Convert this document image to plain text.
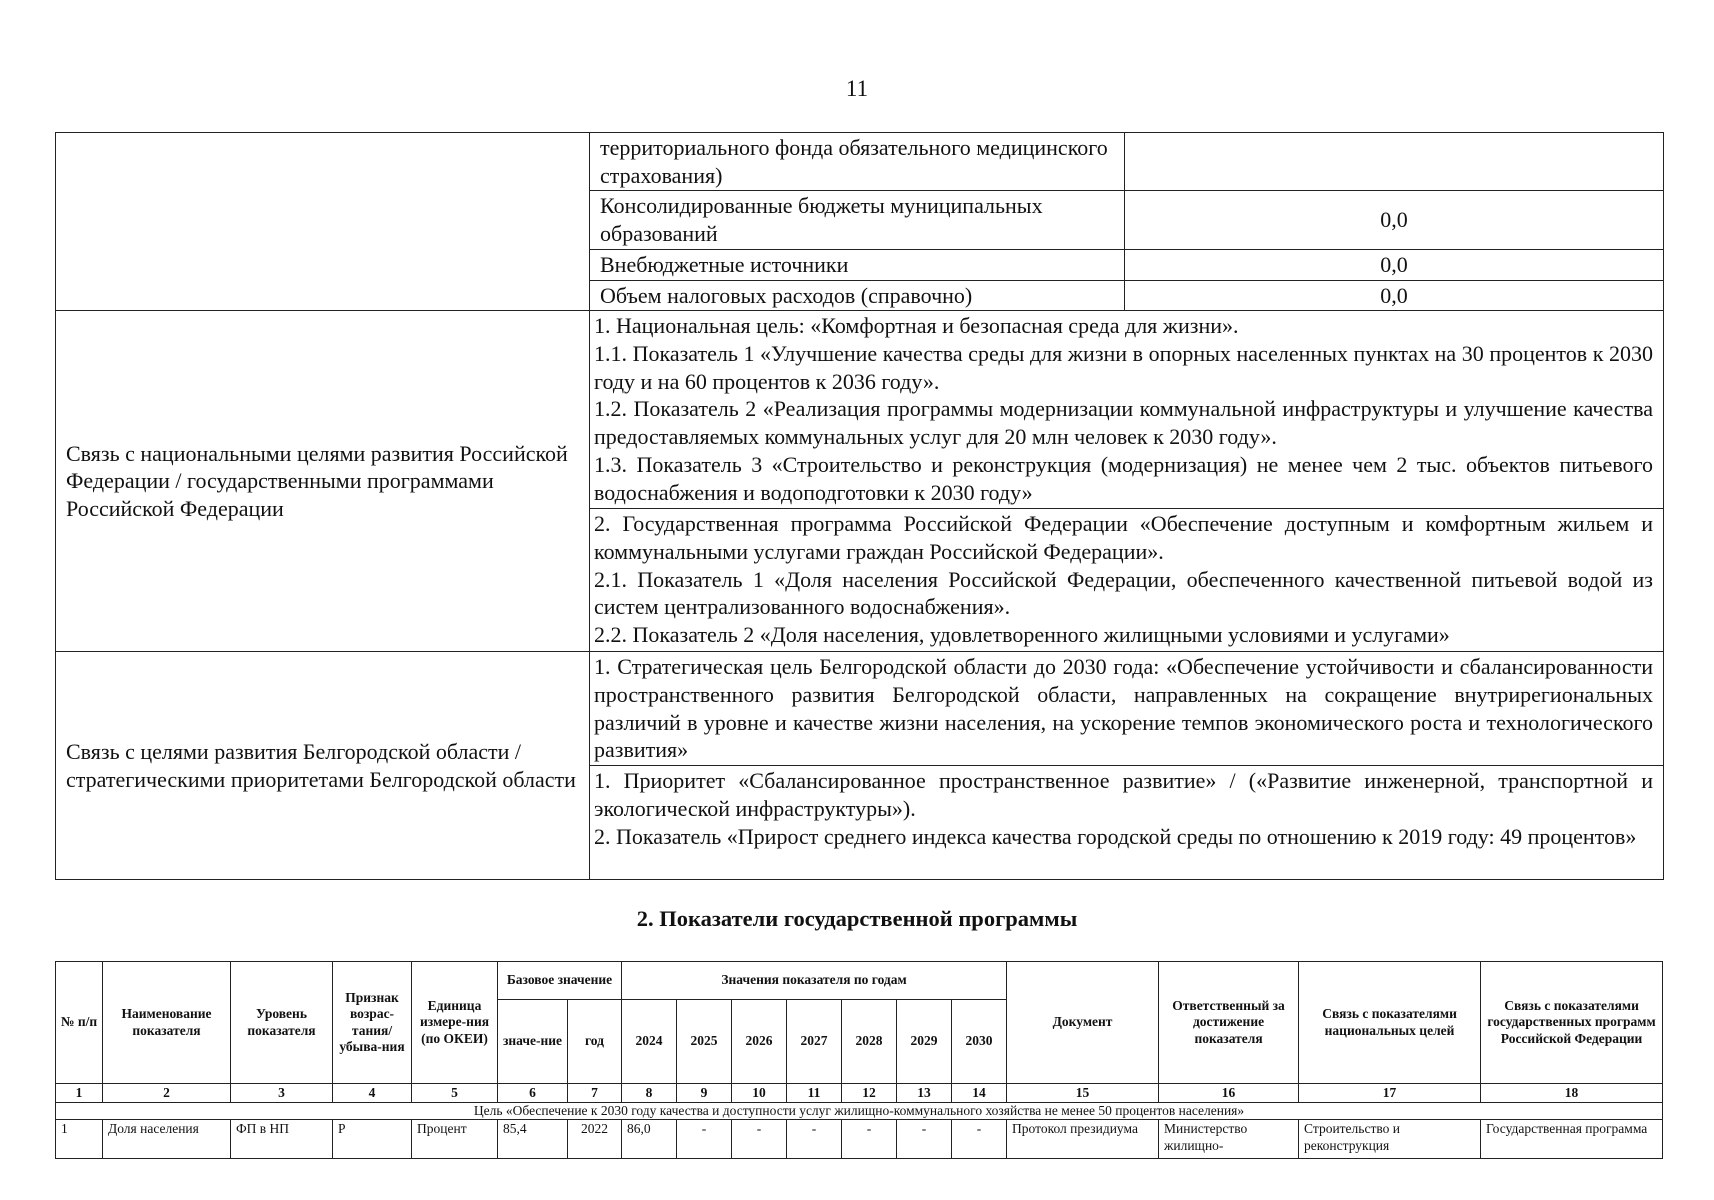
11
	территориального фонда обязательного медицинского страхования)	
	Консолидированные бюджеты муниципальных образований	0,0
	Внебюджетные источники	0,0
	Объем налоговых расходов (справочно)	0,0
Связь с национальными целями развития Российской Федерации / государственными программами Российской Федерации	1. Национальная цель: «Комфортная и безопасная среда для жизни».

1.1. Показатель 1 «Улучшение качества среды для жизни в опорных населенных пунктах на 30 процентов к 2030 году и на 60 процентов к 2036 году».

1.2. Показатель 2 «Реализация программы модернизации коммунальной инфраструктуры и улучшение качества предоставляемых коммунальных услуг для 20 млн человек к 2030 году».

1.3. Показатель 3 «Строительство и реконструкция (модернизация) не менее чем 2 тыс. объектов питьевого водоснабжения и водоподготовки к 2030 году»	

	2. Государственная программа Российской Федерации «Обеспечение доступным и комфортным жильем и коммунальными услугами граждан Российской Федерации».

2.1. Показатель 1 «Доля населения Российской Федерации, обеспеченного качественной питьевой водой из систем централизованного водоснабжения».

2.2. Показатель 2 «Доля населения, удовлетворенного жилищными условиями и услугами»	

Связь с целями развития Белгородской области / стратегическими приоритетами Белгородской области	1. Стратегическая цель Белгородской области до 2030 года: «Обеспечение устойчивости и сбалансированности пространственного развития Белгородской области, направленных на сокращение внутрирегиональных различий в уровне и качестве жизни населения, на ускорение темпов экономического роста и технологического развития»	

	1. Приоритет «Сбалансированное пространственное развитие» / («Развитие инженерной, транспортной и экологической инфраструктуры»).

2. Показатель «Прирост среднего индекса качества городской среды по отношению к 2019 году: 49 процентов»	

2. Показатели государственной программы
№ п/п	Наименование показателя	Уровень показателя	Признак возрас-тания/ убыва-ния	Единица измере-ния (по ОКЕИ)	Базовое значение		Значения показателя по годам							Документ	Ответственный за достижение показателя	Связь с показателями национальных целей	Связь с показателями государственных программ Российской Федерации
					значе-ние	год	2024	2025	2026	2027	2028	2029	2030				
1	2	3	4	5	6	7	8	9	10	11	12	13	14	15	16	17	18
Цель «Обеспечение к 2030 году качества и доступности услуг жилищно-коммунального хозяйства не менее 50 процентов населения»																	
1	Доля населения	ФП в НП	Р	Процент	85,4	2022	86,0	-	-	-	-	-	-	Протокол президиума	Министерство жилищно-	Строительство и реконструкция	Государственная программа
